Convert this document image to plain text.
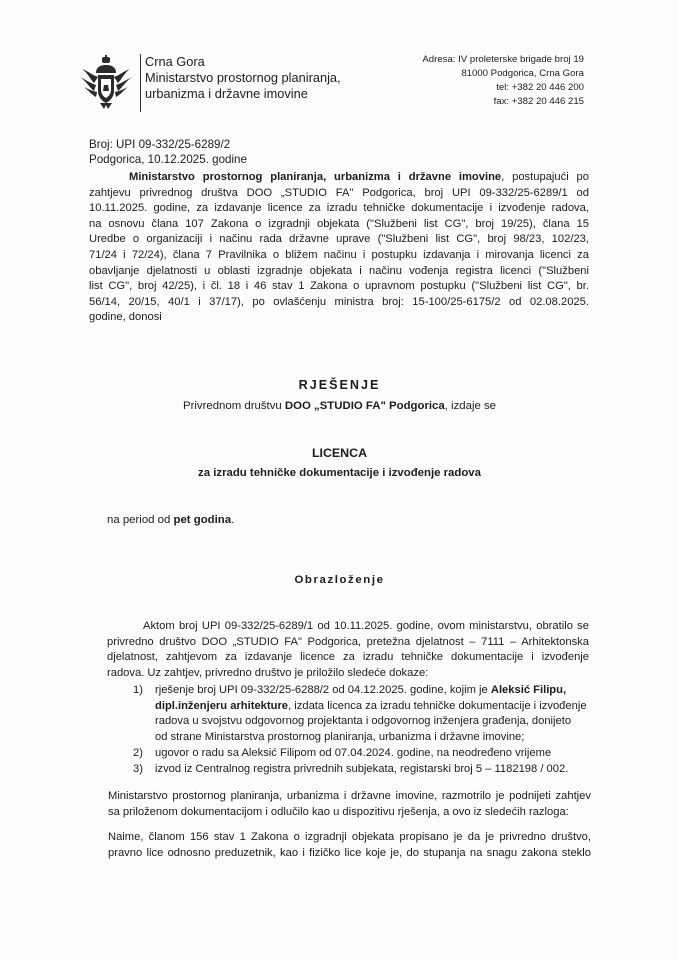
Crna Gora
Ministarstvo prostornog planiranja,
urbanizma i državne imovine
Adresa: IV proleterske brigade broj 19
81000 Podgorica, Crna Gora
tel: +382 20 446 200
fax: +382 20 446 215
Broj: UPI 09-332/25-6289/2
Podgorica, 10.12.2025. godine
Ministarstvo prostornog planiranja, urbanizma i državne imovine, postupajući po
zahtjevu privrednog društva DOO „STUDIO FA" Podgorica, broj UPI 09-332/25-6289/1 od
10.11.2025. godine, za izdavanje licence za izradu tehničke dokumentacije i izvođenje radova,
na osnovu člana 107 Zakona o izgradnji objekata ("Službeni list CG", broj 19/25), člana 15
Uredbe o organizaciji i načinu rada državne uprave ("Službeni list CG", broj 98/23, 102/23,
71/24 i 72/24), člana 7 Pravilnika o bližem načinu i postupku izdavanja i mirovanja licenci za
obavljanje djelatnosti u oblasti izgradnje objekata i načinu vođenja registra licenci ("Službeni
list CG", broj 42/25), i čl. 18 i 46 stav 1 Zakona o upravnom postupku ("Službeni list CG", br.
56/14, 20/15, 40/1 i 37/17), po ovlašćenju ministra broj: 15-100/25-6175/2 od 02.08.2025.
godine, donosi
RJEŠENJE
Privrednom društvu DOO „STUDIO FA" Podgorica, izdaje se
LICENCA
za izradu tehničke dokumentacije i izvođenje radova
na period od pet godina.
Obrazloženje
Aktom broj UPI 09-332/25-6289/1 od 10.11.2025. godine, ovom ministarstvu, obratilo se
privredno društvo DOO „STUDIO FA" Podgorica, pretežna djelatnost – 7111 – Arhitektonska
djelatnost, zahtjevom za izdavanje licence za izradu tehničke dokumentacije i izvođenje
radova. Uz zahtjev, privredno društvo je priložilo sledeće dokaze:
1) rješenje broj UPI 09-332/25-6288/2 od 04.12.2025. godine, kojim je Aleksić Filipu,
dipl.inženjeru arhitekture, izdata licenca za izradu tehničke dokumentacije i izvođenje
radova u svojstvu odgovornog projektanta i odgovornog inženjera građenja, donijeto
od strane Ministarstva prostornog planiranja, urbanizma i državne imovine;
2) ugovor o radu sa Aleksić Filipom od 07.04.2024. godine, na neodređeno vrijeme
3) izvod iz Centralnog registra privrednih subjekata, registarski broj 5 – 1182198 / 002.
Ministarstvo prostornog planiranja, urbanizma i državne imovine, razmotrilo je podnijeti zahtjev
sa priloženom dokumentacijom i odlučilo kao u dispozitivu rješenja, a ovo iz sledećih razloga:
Naime, članom 156 stav 1 Zakona o izgradnji objekata propisano je da je privredno društvo,
pravno lice odnosno preduzetnik, kao i fizičko lice koje je, do stupanja na snagu zakona steklo
